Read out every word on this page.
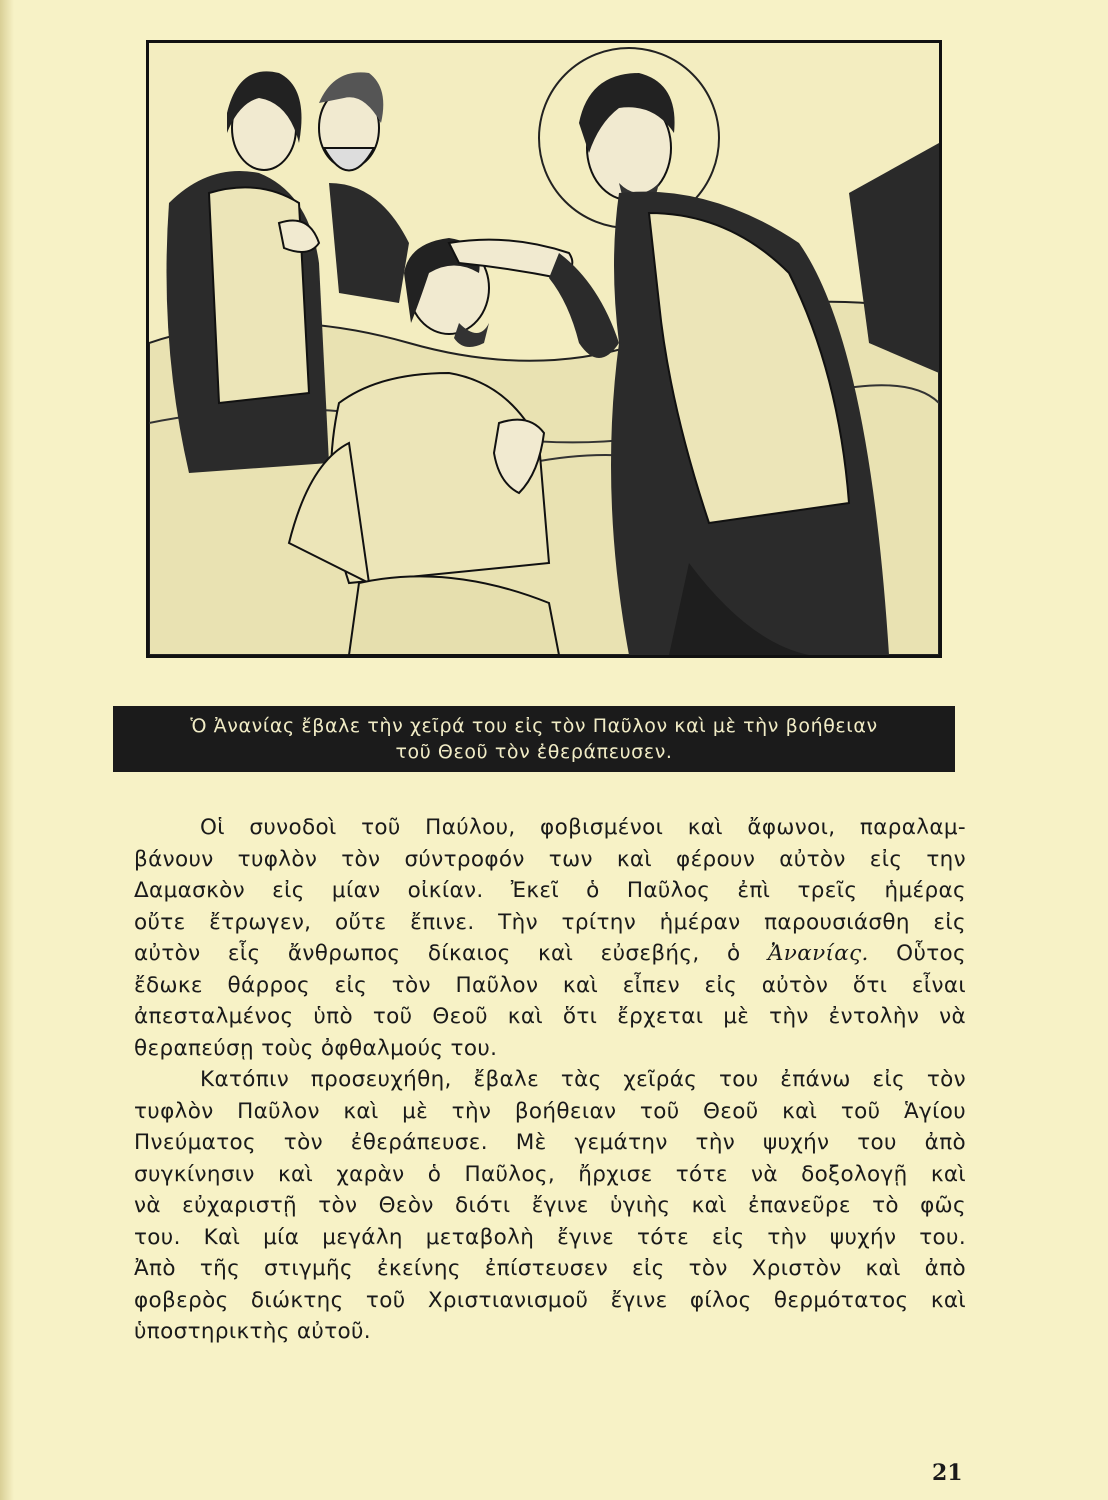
Ὁ Ἀνανίας ἔβαλε τὴν χεῖρά του εἰς τὸν Παῦλον καὶ μὲ τὴν βοήθειαν
τοῦ Θεοῦ τὸν ἐθεράπευσεν.
Οἱ συνοδοὶ τοῦ Παύλου, φοβισμένοι καὶ ἄφωνοι, παραλαμ-
βάνουν τυφλὸν τὸν σύντροφόν των καὶ φέρουν αὐτὸν εἰς την
Δαμασκὸν εἰς μίαν οἰκίαν. Ἐκεῖ ὁ Παῦλος ἐπὶ τρεῖς ἡμέρας
οὔτε ἔτρωγεν, οὔτε ἔπινε. Τὴν τρίτην ἡμέραν παρουσιάσθη εἰς
αὐτὸν εἷς ἄνθρωπος δίκαιος καὶ εὐσεβής, ὁ Ἀνανίας. Οὗτος
ἔδωκε θάρρος εἰς τὸν Παῦλον καὶ εἶπεν εἰς αὐτὸν ὅτι εἶναι
ἀπεσταλμένος ὑπὸ τοῦ Θεοῦ καὶ ὅτι ἔρχεται μὲ τὴν ἐντολὴν νὰ
θεραπεύσῃ τοὺς ὀφθαλμούς του.
Κατόπιν προσευχήθη, ἔβαλε τὰς χεῖράς του ἐπάνω εἰς τὸν
τυφλὸν Παῦλον καὶ μὲ τὴν βοήθειαν τοῦ Θεοῦ καὶ τοῦ Ἁγίου
Πνεύματος τὸν ἐθεράπευσε. Μὲ γεμάτην τὴν ψυχήν του ἀπὸ
συγκίνησιν καὶ χαρὰν ὁ Παῦλος, ἤρχισε τότε νὰ δοξολογῇ καὶ
νὰ εὐχαριστῇ τὸν Θεὸν διότι ἔγινε ὑγιὴς καὶ ἐπανεῦρε τὸ φῶς
του. Καὶ μία μεγάλη μεταβολὴ ἔγινε τότε εἰς τὴν ψυχήν του.
Ἀπὸ τῆς στιγμῆς ἐκείνης ἐπίστευσεν εἰς τὸν Χριστὸν καὶ ἀπὸ
φοβερὸς διώκτης τοῦ Χριστιανισμοῦ ἔγινε φίλος θερμότατος καὶ
ὑποστηρικτὴς αὐτοῦ.
21
